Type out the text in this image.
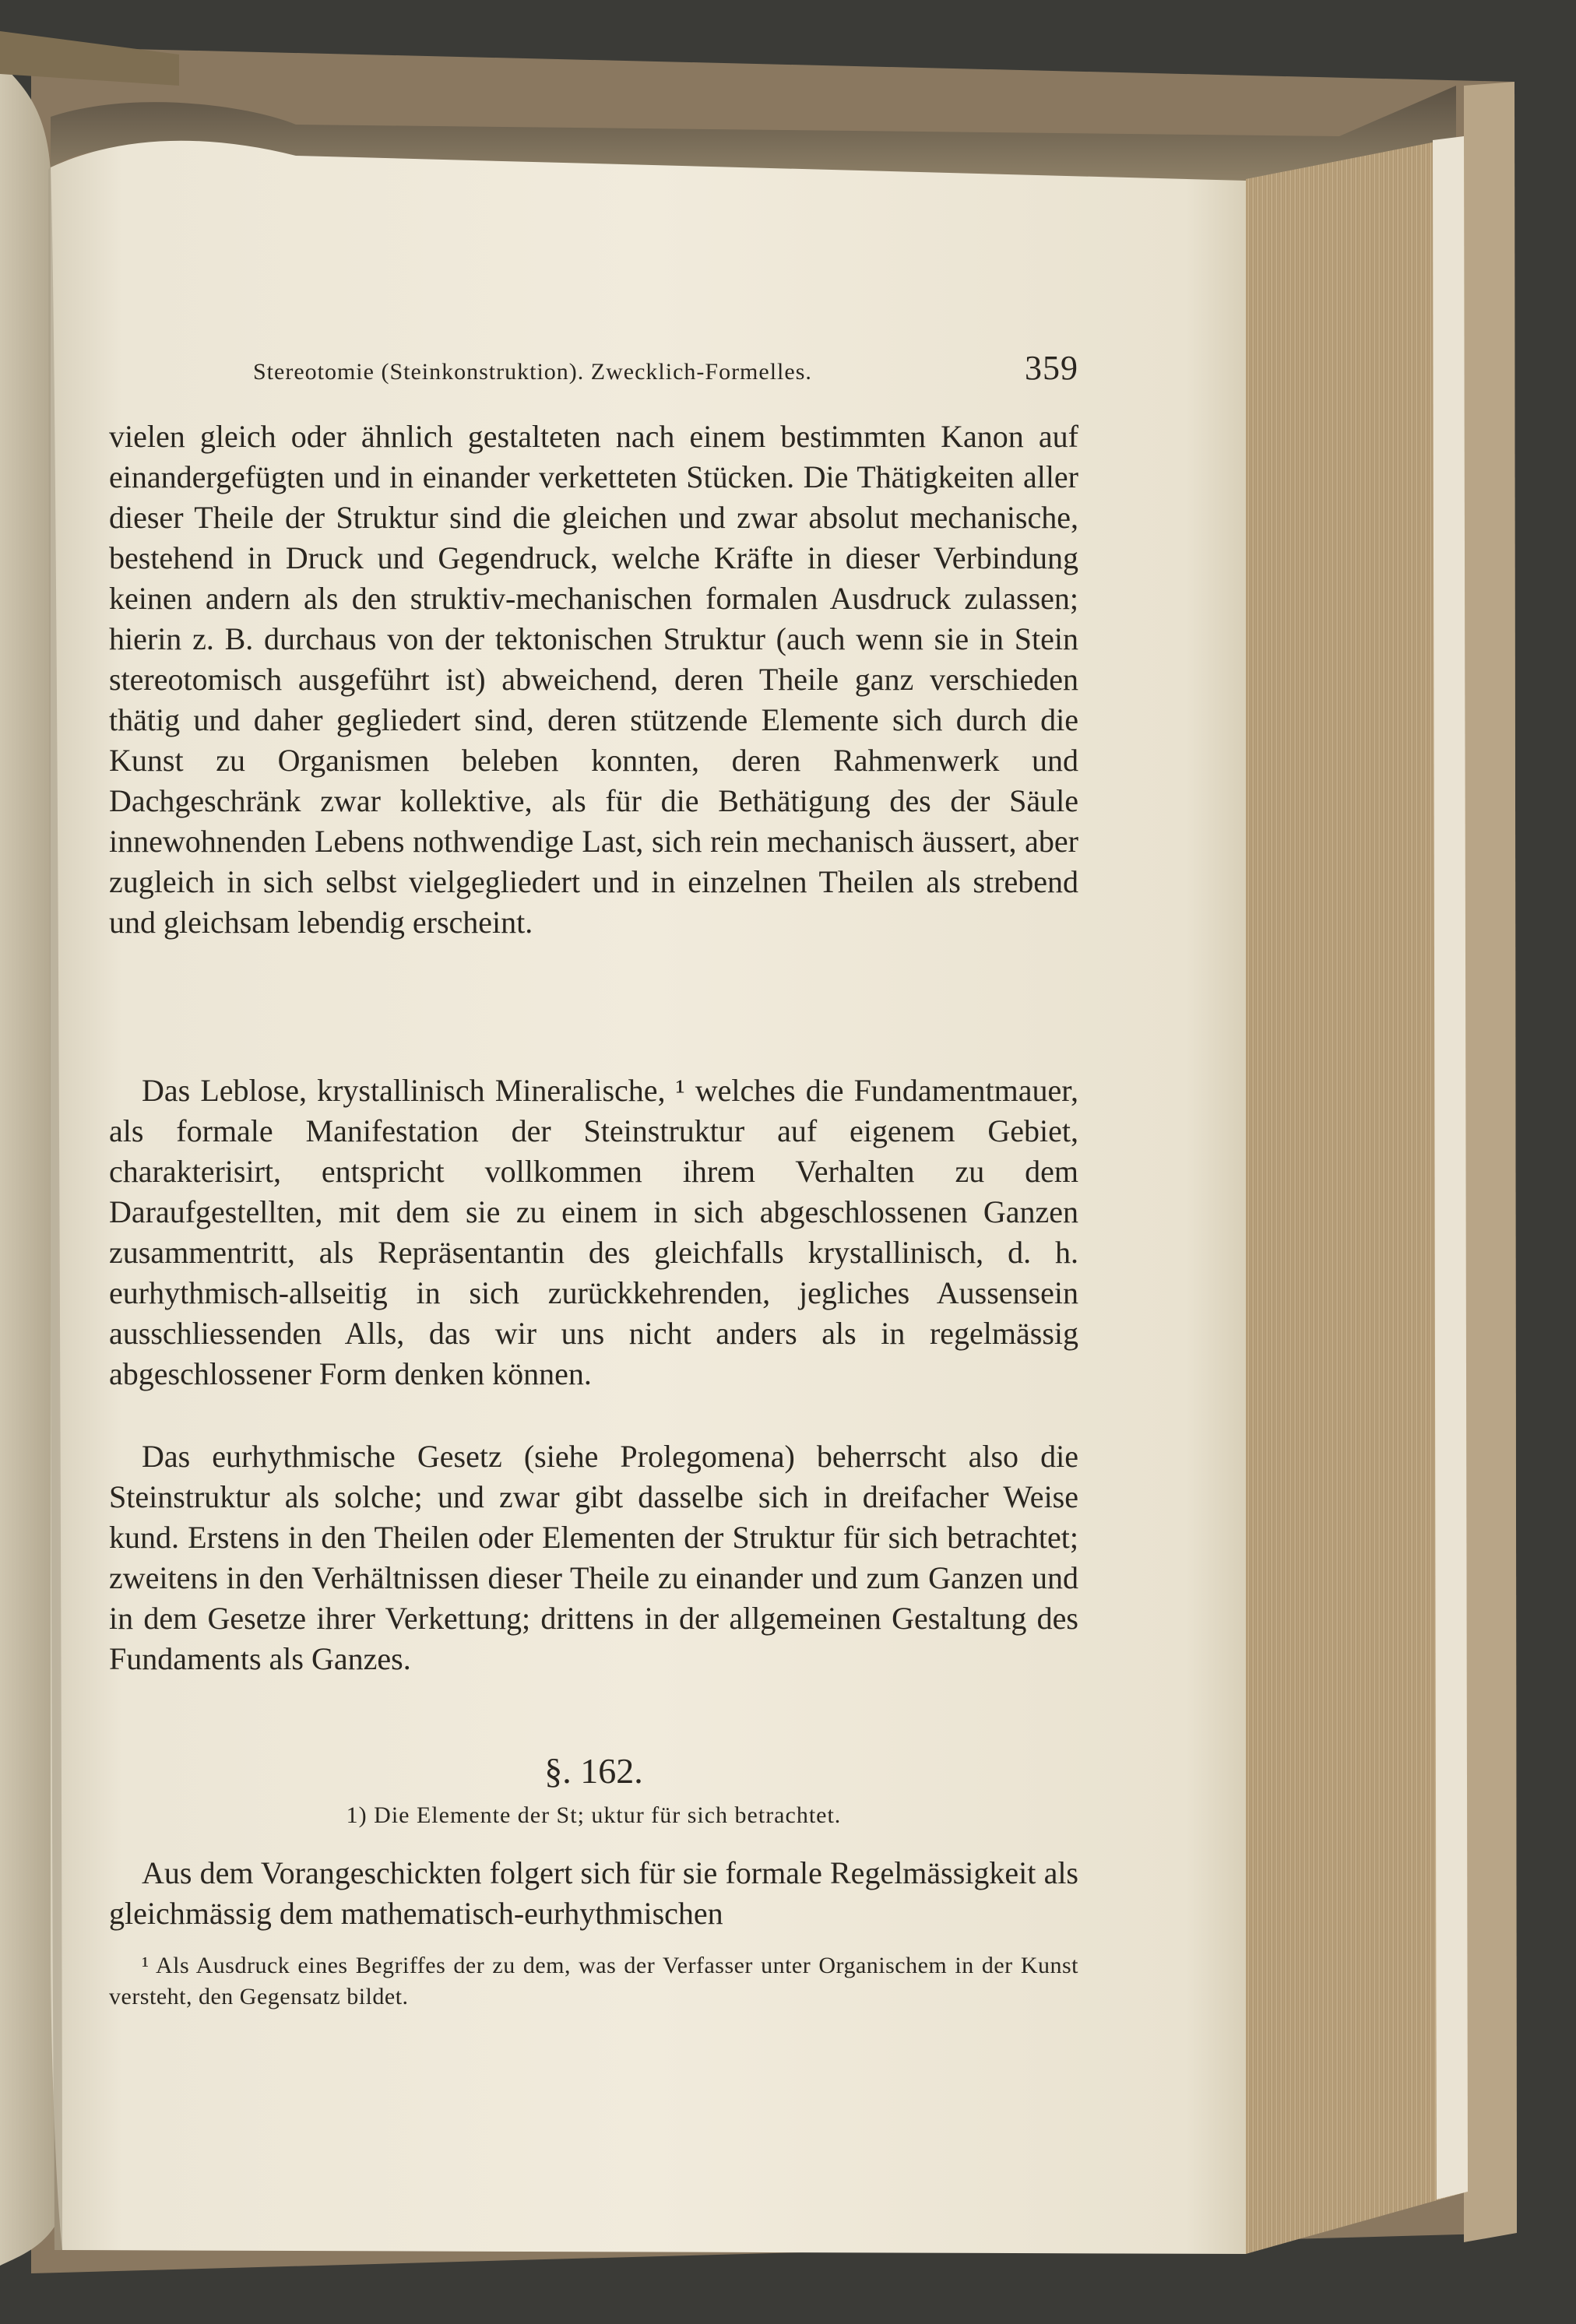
Stereotomie (Steinkonstruktion). Zwecklich-Formelles.	359

vielen gleich oder ähnlich gestalteten nach einem bestimmten Kanon auf einandergefügten und in einander verketteten Stücken. Die Thätigkeiten aller dieser Theile der Struktur sind die gleichen und zwar absolut mechanische, bestehend in Druck und Gegendruck, welche Kräfte in dieser Verbindung keinen andern als den struktiv-mechanischen formalen Ausdruck zulassen; hierin z. B. durchaus von der tektonischen Struktur (auch wenn sie in Stein stereotomisch ausgeführt ist) abweichend, deren Theile ganz verschieden thätig und daher gegliedert sind, deren stützende Elemente sich durch die Kunst zu Organismen beleben konnten, deren Rahmenwerk und Dachgeschränk zwar kollektive, als für die Bethätigung des der Säule innewohnenden Lebens nothwendige Last, sich rein mechanisch äussert, aber zugleich in sich selbst vielgegliedert und in einzelnen Theilen als strebend und gleichsam lebendig erscheint.

Das Leblose, krystallinisch Mineralische, ¹ welches die Fundamentmauer, als formale Manifestation der Steinstruktur auf eigenem Gebiet, charakterisirt, entspricht vollkommen ihrem Verhalten zu dem Daraufgestellten, mit dem sie zu einem in sich abgeschlossenen Ganzen zusammentritt, als Repräsentantin des gleichfalls krystallinisch, d. h. eurhythmisch-allseitig in sich zurückkehrenden, jegliches Aussensein ausschliessenden Alls, das wir uns nicht anders als in regelmässig abgeschlossener Form denken können.

Das eurhythmische Gesetz (siehe Prolegomena) beherrscht also die Steinstruktur als solche; und zwar gibt dasselbe sich in dreifacher Weise kund. Erstens in den Theilen oder Elementen der Struktur für sich betrachtet; zweitens in den Verhältnissen dieser Theile zu einander und zum Ganzen und in dem Gesetze ihrer Verkettung; drittens in der allgemeinen Gestaltung des Fundaments als Ganzes.

§. 162.

1) Die Elemente der St; uktur für sich betrachtet.

Aus dem Vorangeschickten folgert sich für sie formale Regelmässigkeit als gleichmässig dem mathematisch-eurhythmischen

¹ Als Ausdruck eines Begriffes der zu dem, was der Verfasser unter Organischem in der Kunst versteht, den Gegensatz bildet.
